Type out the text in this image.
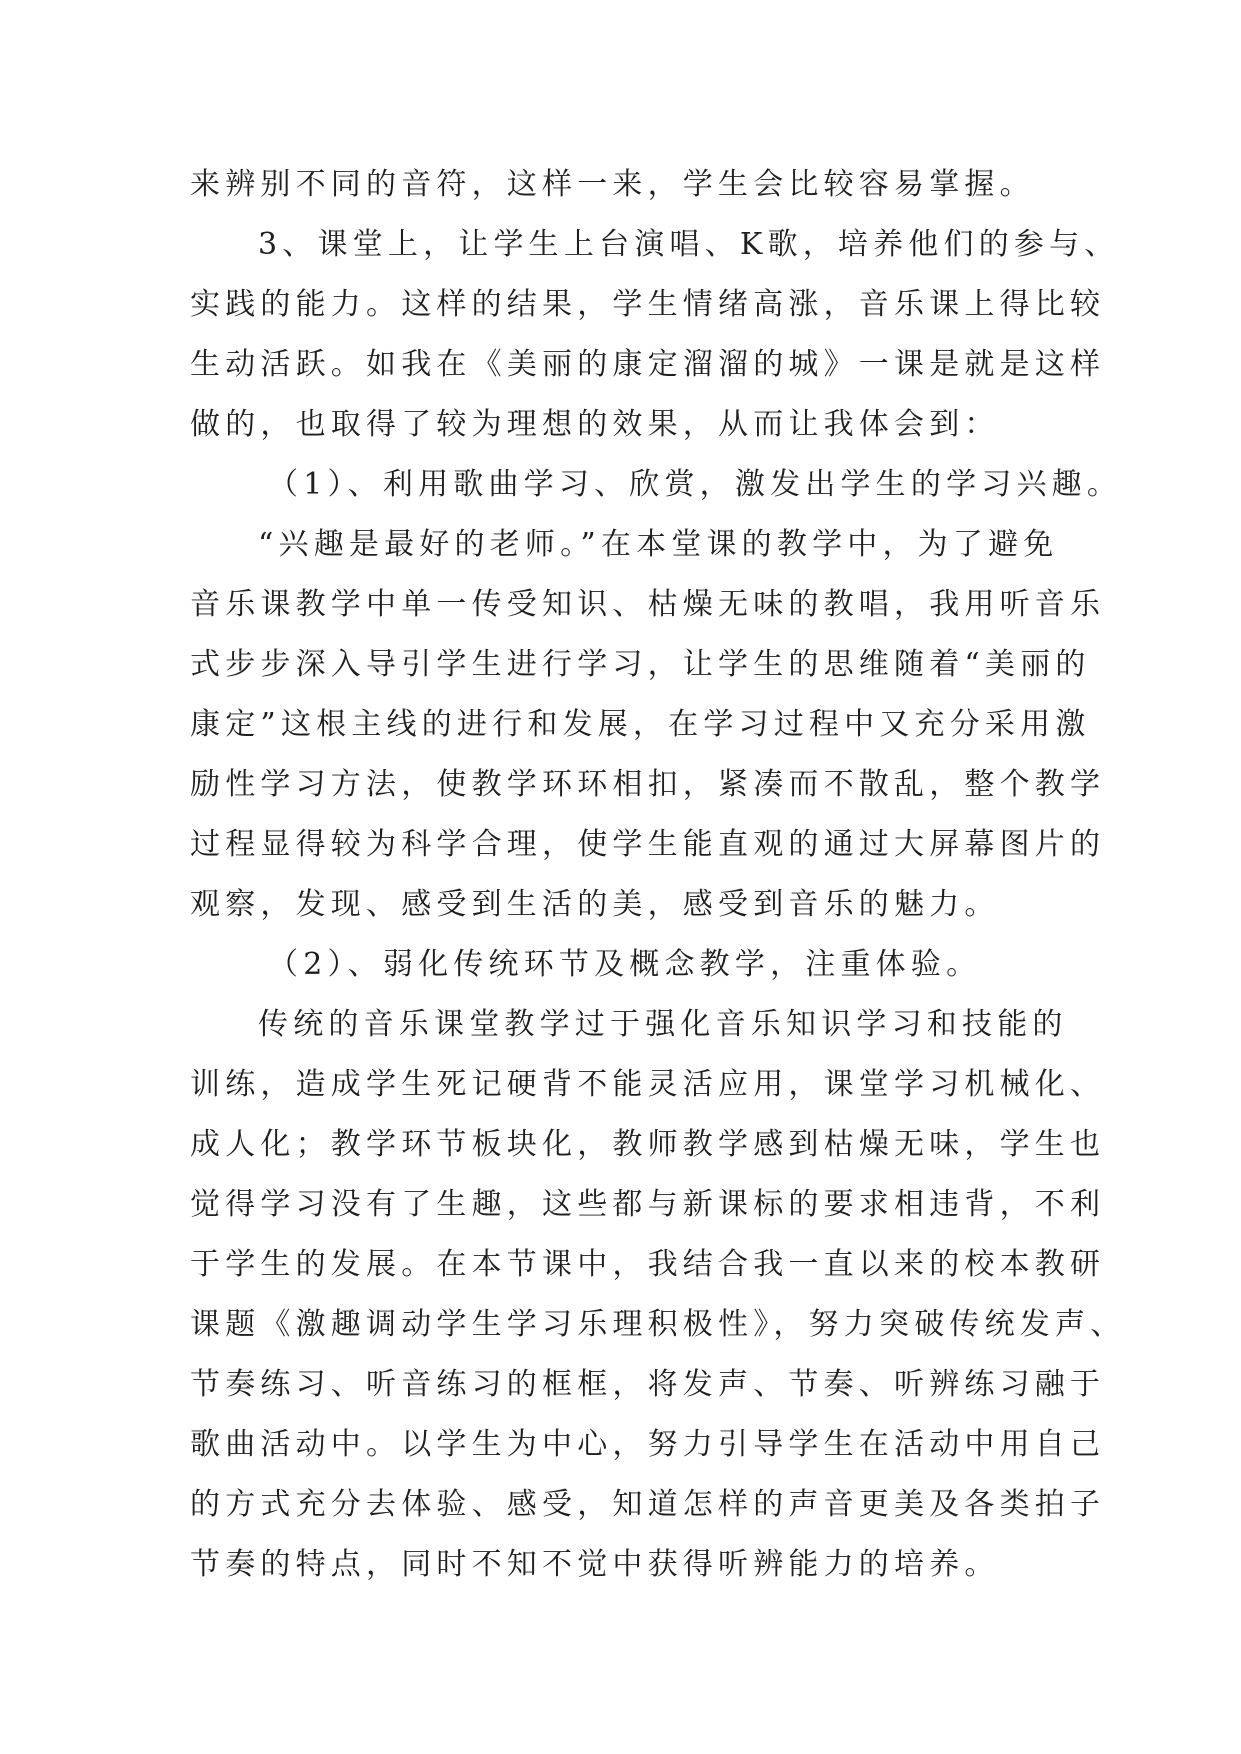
来辨别不同的音符，这样一来，学生会比较容易掌握。
3、课堂上，让学生上台演唱、K歌，培养他们的参与、
实践的能力。这样的结果，学生情绪高涨，音乐课上得比较
生动活跃。如我在《美丽的康定溜溜的城》一课是就是这样
做的，也取得了较为理想的效果，从而让我体会到：
（1）、利用歌曲学习、欣赏，激发出学生的学习兴趣。
“兴趣是最好的老师。”在本堂课的教学中，为了避免
音乐课教学中单一传受知识、枯燥无味的教唱，我用听音乐
式步步深入导引学生进行学习，让学生的思维随着“美丽的
康定”这根主线的进行和发展，在学习过程中又充分采用激
励性学习方法，使教学环环相扣，紧凑而不散乱，整个教学
过程显得较为科学合理，使学生能直观的通过大屏幕图片的
观察，发现、感受到生活的美，感受到音乐的魅力。
（2）、弱化传统环节及概念教学，注重体验。
传统的音乐课堂教学过于强化音乐知识学习和技能的
训练，造成学生死记硬背不能灵活应用，课堂学习机械化、
成人化；教学环节板块化，教师教学感到枯燥无味，学生也
觉得学习没有了生趣，这些都与新课标的要求相违背，不利
于学生的发展。在本节课中，我结合我一直以来的校本教研
课题《激趣调动学生学习乐理积极性》，努力突破传统发声、
节奏练习、听音练习的框框，将发声、节奏、听辨练习融于
歌曲活动中。以学生为中心，努力引导学生在活动中用自己
的方式充分去体验、感受，知道怎样的声音更美及各类拍子
节奏的特点，同时不知不觉中获得听辨能力的培养。
